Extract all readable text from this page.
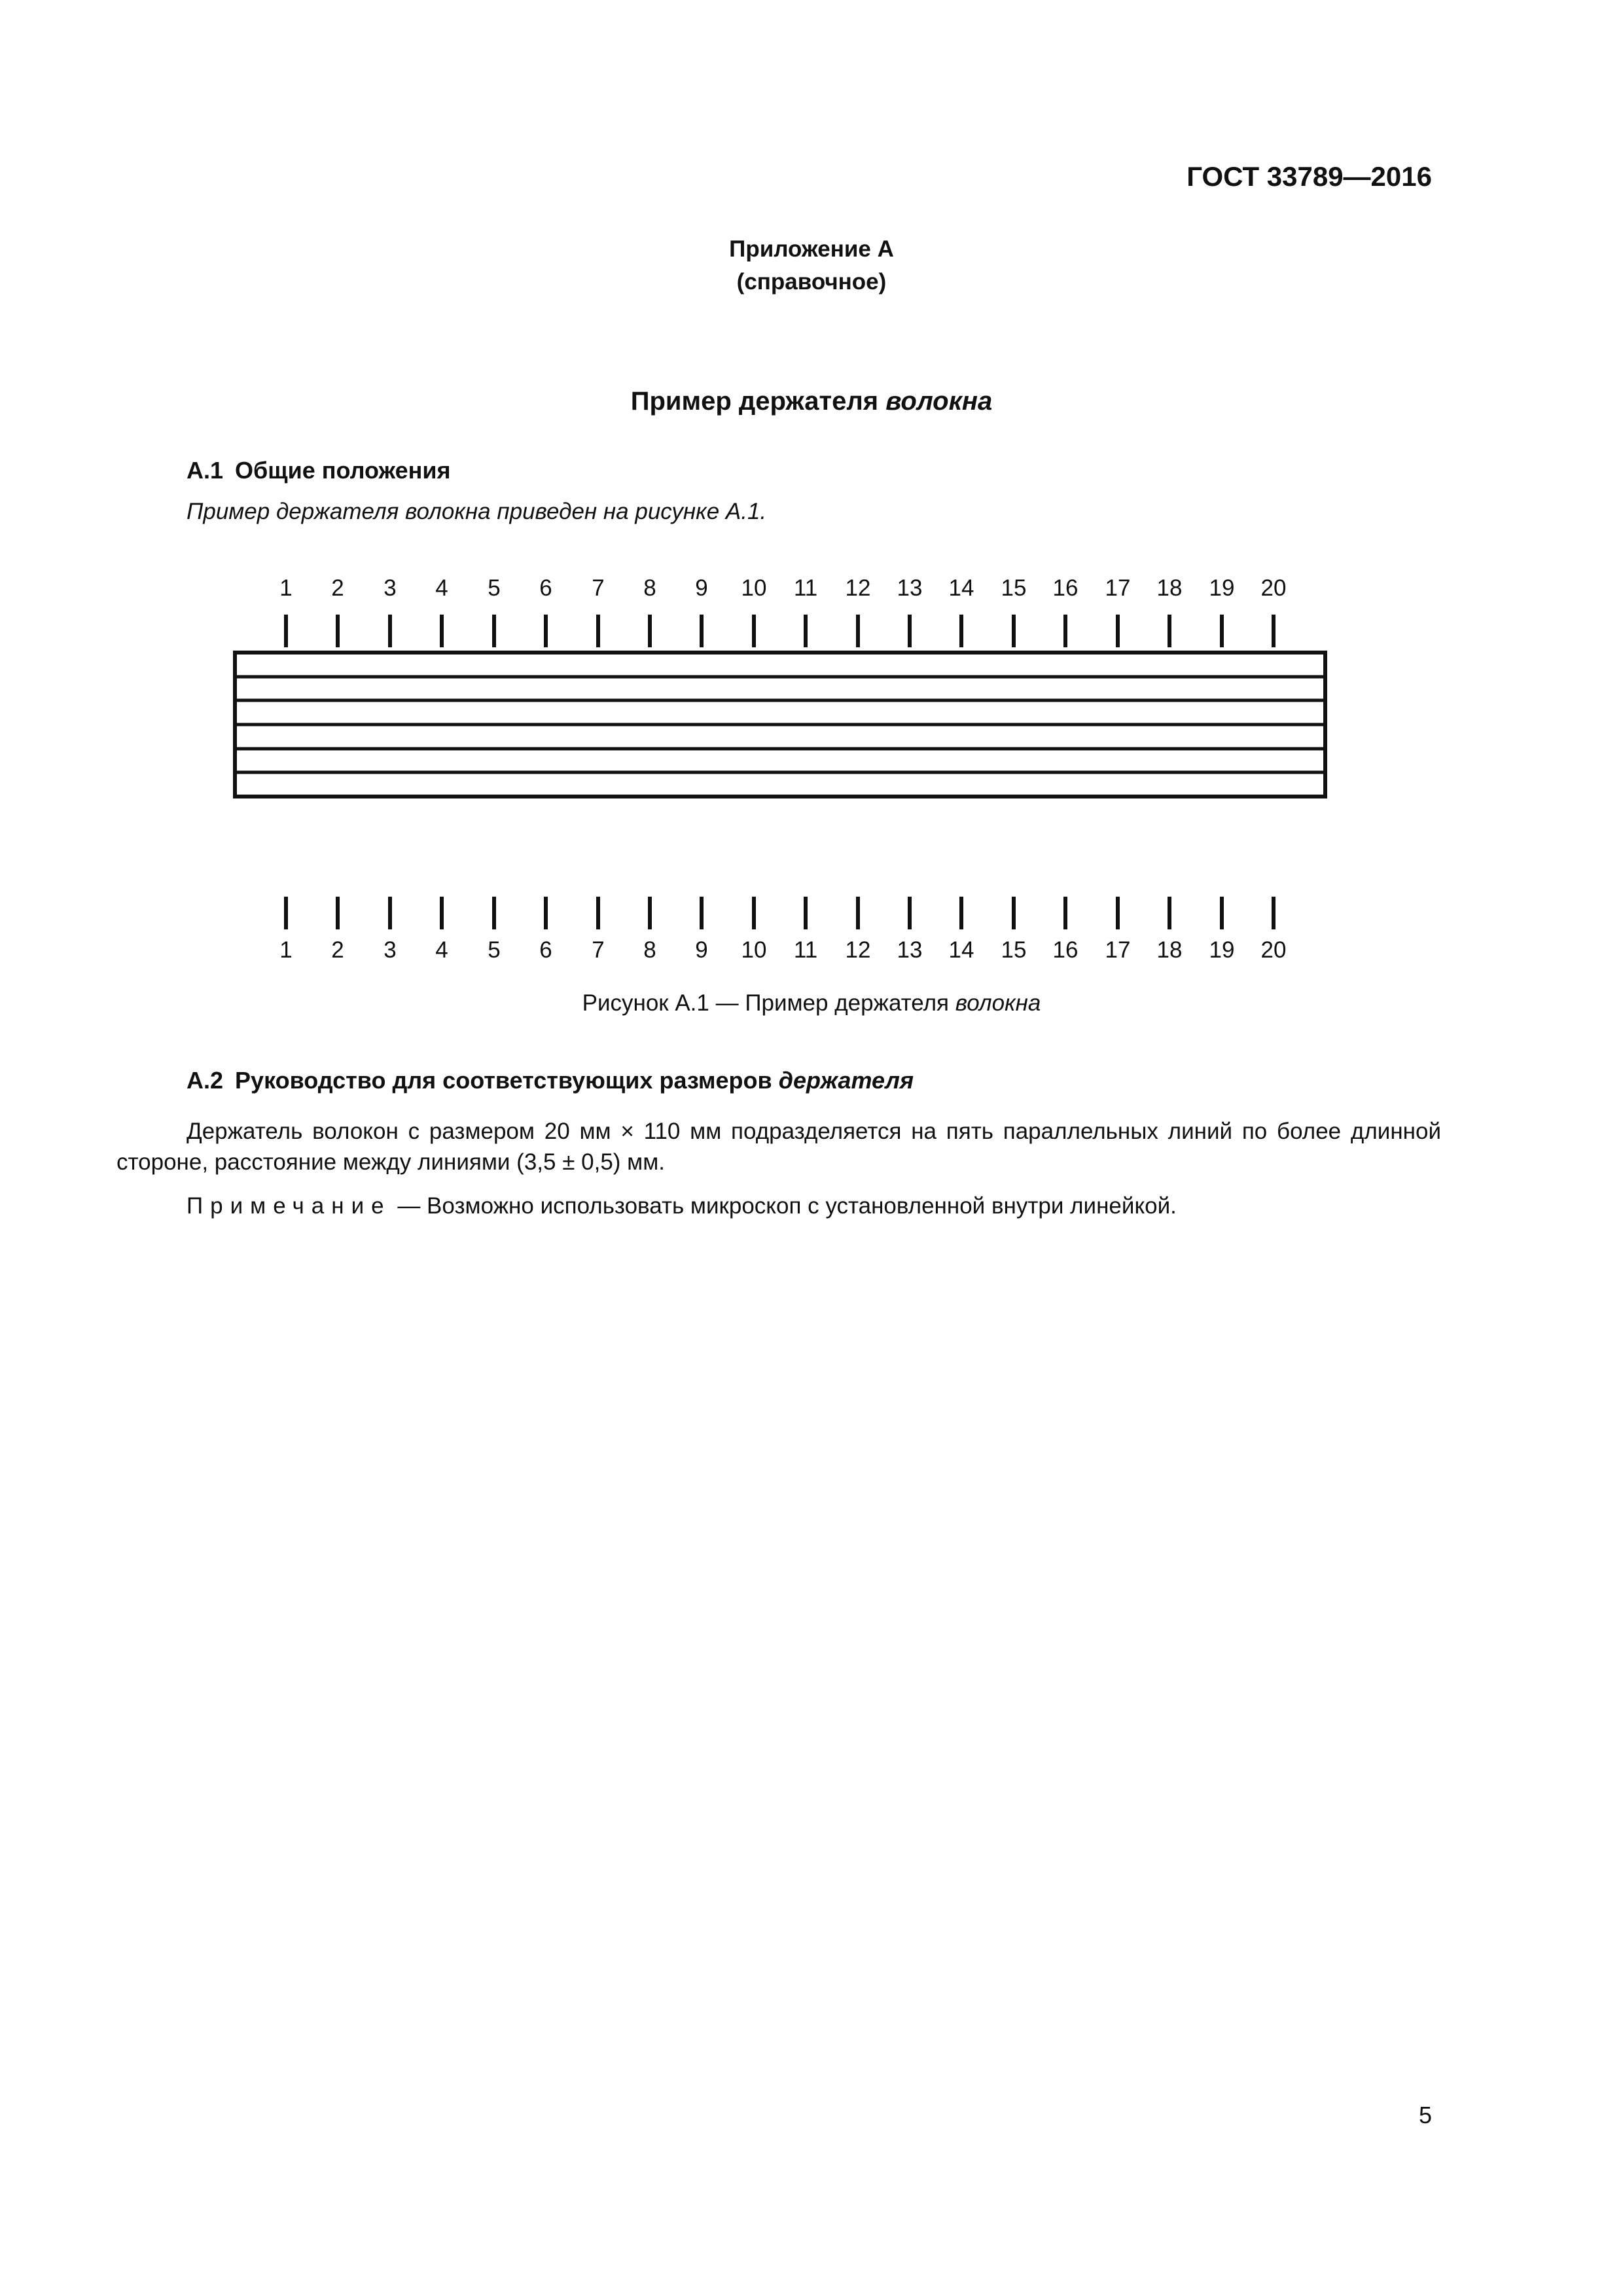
ГОСТ 33789—2016
Приложение А
(справочное)
Пример держателя волокна
А.1 Общие положения
Пример держателя волокна приведен на рисунке А.1.
1 2 3 4 5 6 7 8 9 10 11 12 13 14 15 16 17 18 19 20
1 2 3 4 5 6 7 8 9 10 11 12 13 14 15 16 17 18 19 20
Рисунок А.1 — Пример держателя волокна
А.2 Руководство для соответствующих размеров держателя
Держатель волокон с размером 20 мм × 110 мм подразделяется на пять параллельных линий по более длинной стороне, расстояние между линиями (3,5 ± 0,5) мм.
Примечание — Возможно использовать микроскоп с установленной внутри линейкой.
5
